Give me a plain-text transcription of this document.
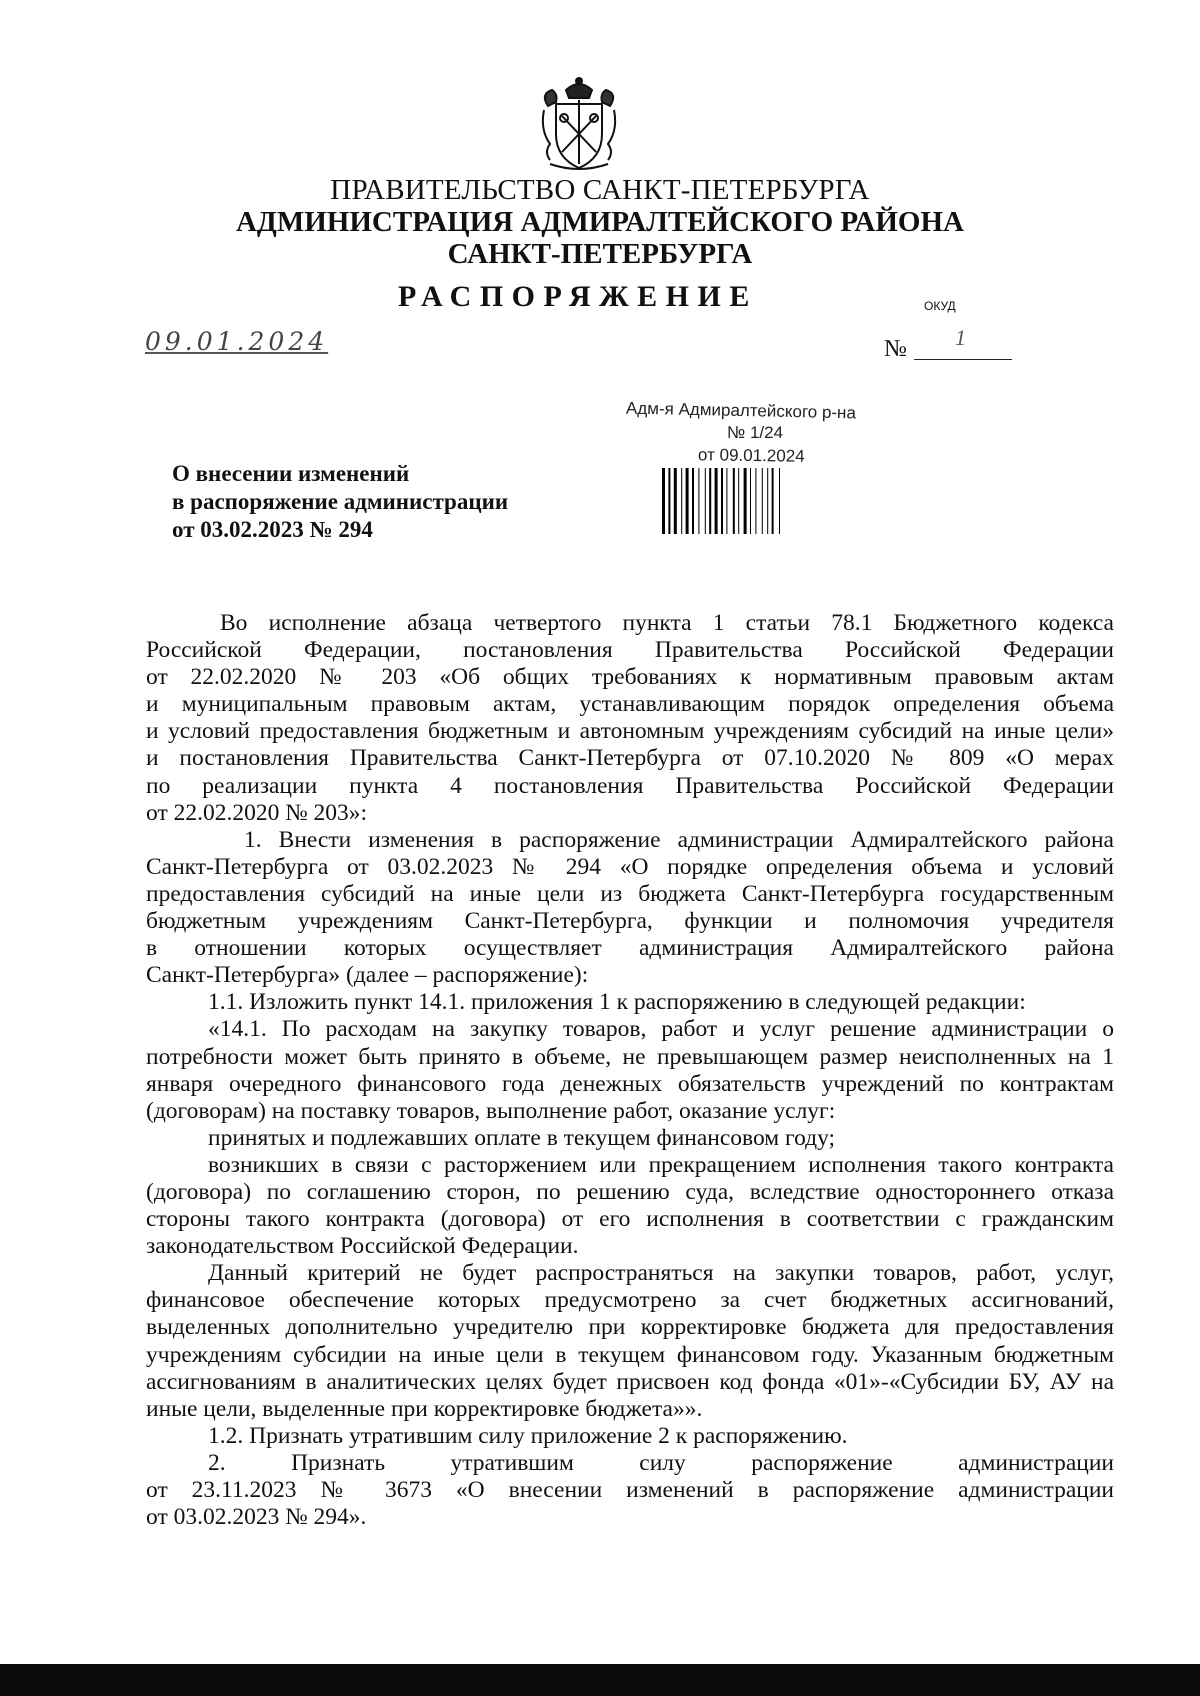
ПРАВИТЕЛЬСТВО САНКТ-ПЕТЕРБУРГА
АДМИНИСТРАЦИЯ АДМИРАЛТЕЙСКОГО РАЙОНА
САНКТ-ПЕТЕРБУРГА
РАСПОРЯЖЕНИЕ	ОКУД
09.01.2024	№ 1
Адм-я Адмиралтейского р-на
№ 1/24
от 09.01.2024
О внесении изменений
в распоряжение администрации
от 03.02.2023 № 294

Во исполнение абзаца четвертого пункта 1 статьи 78.1 Бюджетного кодекса
Российской Федерации, постановления Правительства Российской Федерации
от 22.02.2020 № 203 «Об общих требованиях к нормативным правовым актам
и муниципальным правовым актам, устанавливающим порядок определения объема
и условий предоставления бюджетным и автономным учреждениям субсидий на иные цели»
и постановления Правительства Санкт-Петербурга от 07.10.2020 № 809 «О мерах
по реализации пункта 4 постановления Правительства Российской Федерации
от 22.02.2020 № 203»:

1. Внести изменения в распоряжение администрации Адмиралтейского района
Санкт-Петербурга от 03.02.2023 № 294 «О порядке определения объема и условий
предоставления субсидий на иные цели из бюджета Санкт-Петербурга государственным
бюджетным учреждениям Санкт-Петербурга, функции и полномочия учредителя
в отношении которых осуществляет администрация Адмиралтейского района
Санкт-Петербурга» (далее – распоряжение):

1.1. Изложить пункт 14.1. приложения 1 к распоряжению в следующей редакции:

«14.1. По расходам на закупку товаров, работ и услуг решение администрации о
потребности может быть принято в объеме, не превышающем размер неисполненных на 1
января очередного финансового года денежных обязательств учреждений по контрактам
(договорам) на поставку товаров, выполнение работ, оказание услуг:

принятых и подлежавших оплате в текущем финансовом году;

возникших в связи с расторжением или прекращением исполнения такого контракта
(договора) по соглашению сторон, по решению суда, вследствие одностороннего отказа
стороны такого контракта (договора) от его исполнения в соответствии с гражданским
законодательством Российской Федерации.

Данный критерий не будет распространяться на закупки товаров, работ, услуг,
финансовое обеспечение которых предусмотрено за счет бюджетных ассигнований,
выделенных дополнительно учредителю при корректировке бюджета для предоставления
учреждениям субсидии на иные цели в текущем финансовом году. Указанным бюджетным
ассигнованиям в аналитических целях будет присвоен код фонда «01»-«Субсидии БУ, АУ на
иные цели, выделенные при корректировке бюджета»».

1.2. Признать утратившим силу приложение 2 к распоряжению.

2. Признать утратившим силу распоряжение администрации
от 23.11.2023 № 3673 «О внесении изменений в распоряжение администрации
от 03.02.2023 № 294».
